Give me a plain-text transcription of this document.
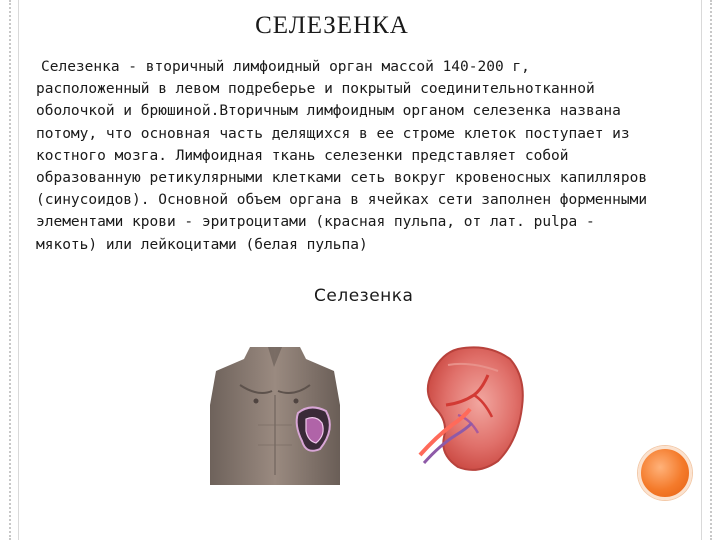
СЕЛЕЗЕНКА
Селезенка - вторичный лимфоидный орган массой 140-200 г, расположенный в левом подреберье и покрытый соединительнотканной оболочкой и брюшиной.Вторичным лимфоидным органом селезенка названа потому, что основная часть делящихся в ее строме клеток поступает из костного мозга. Лимфоидная ткань селезенки представляет собой образованную ретикулярными клетками сеть вокруг кровеносных капилляров (синусоидов). Основной объем органа в ячейках сети заполнен форменными элементами крови - эритроцитами (красная пульпа, от лат. pulpa - мякоть) или лейкоцитами (белая пульпа)
Селезенка
